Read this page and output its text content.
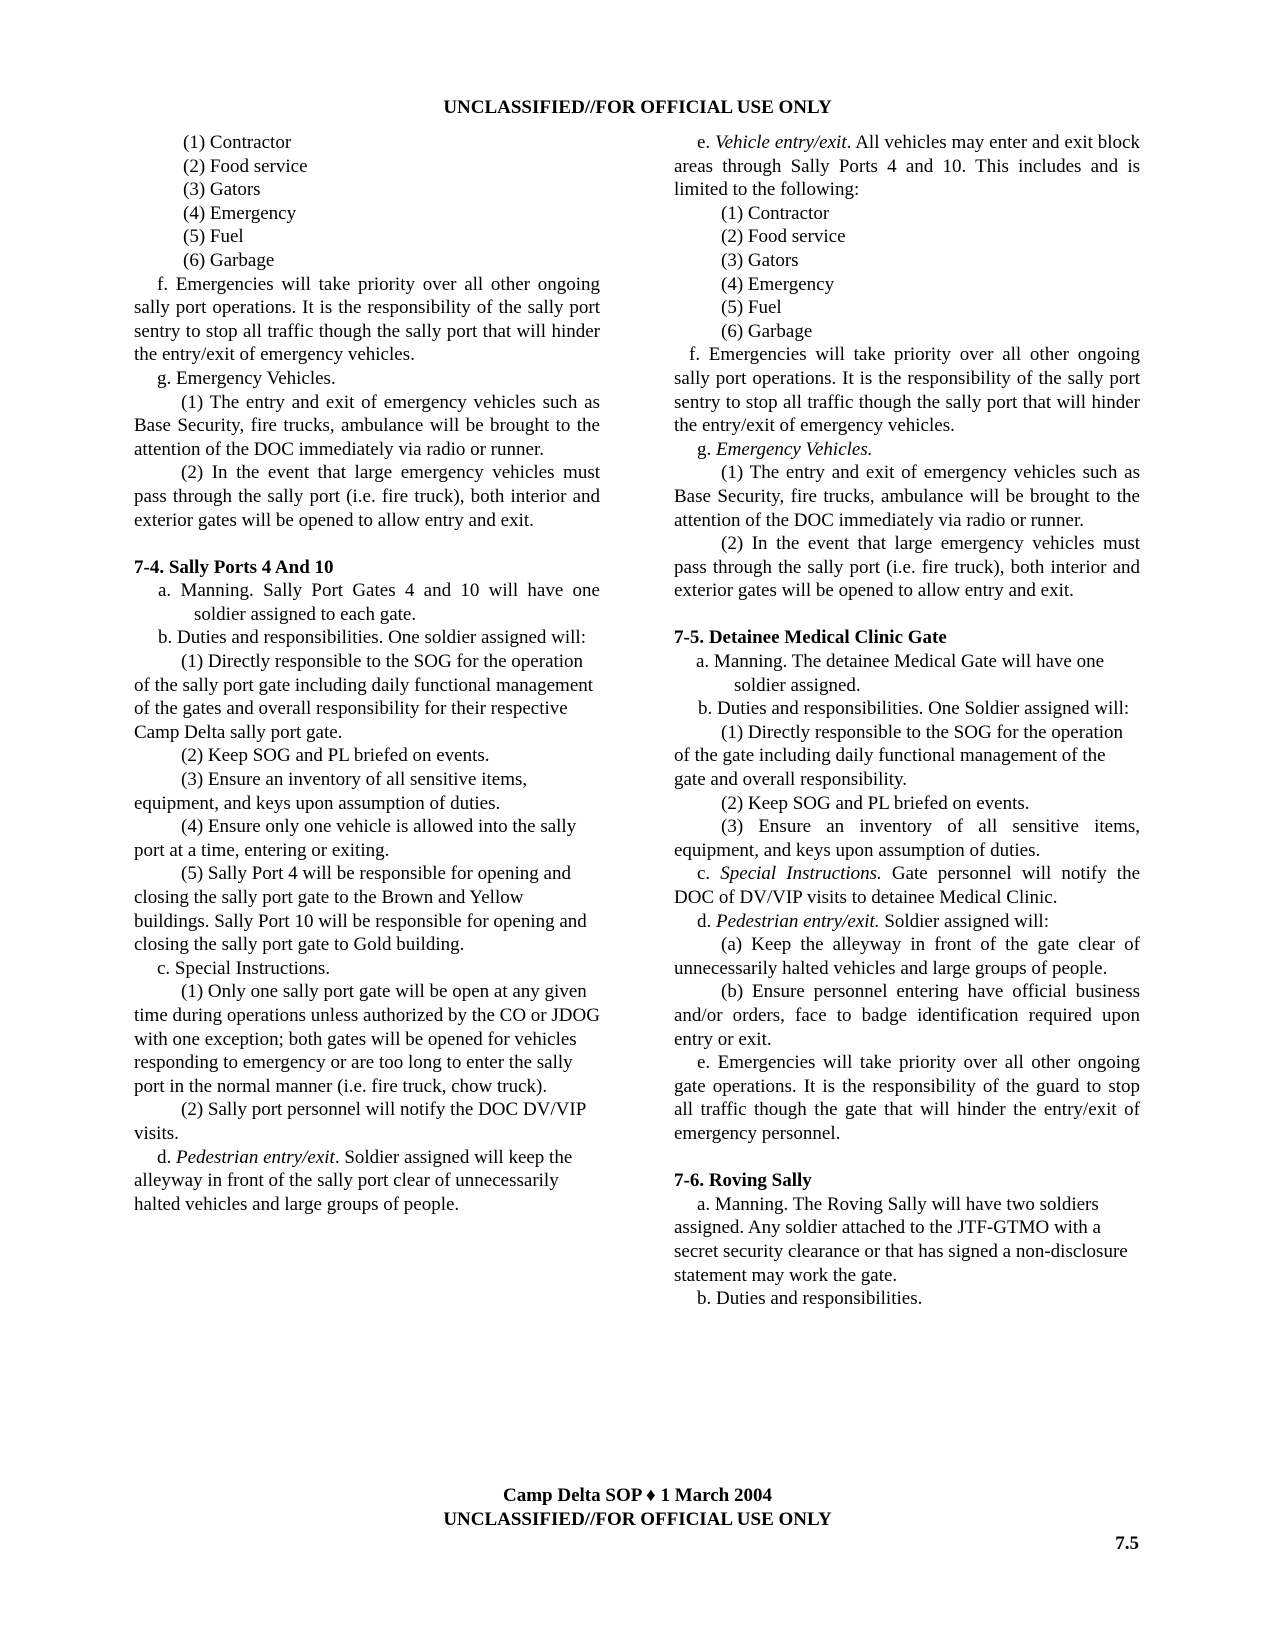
UNCLASSIFIED//FOR OFFICIAL USE ONLY

(1) Contractor

(2) Food service

(3) Gators

(4) Emergency

(5) Fuel

(6) Garbage

f. Emergencies will take priority over all other ongoing sally port operations. It is the responsibility of the sally port sentry to stop all traffic though the sally port that will hinder the entry/exit of emergency vehicles.

g. Emergency Vehicles.

(1) The entry and exit of emergency vehicles such as Base Security, fire trucks, ambulance will be brought to the attention of the DOC immediately via radio or runner.

(2) In the event that large emergency vehicles must pass through the sally port (i.e. fire truck), both interior and exterior gates will be opened to allow entry and exit.

7-4. Sally Ports 4 And 10

a. Manning. Sally Port Gates 4 and 10 will have one soldier assigned to each gate.

b. Duties and responsibilities. One soldier assigned will:

(1) Directly responsible to the SOG for the operation of the sally port gate including daily functional management of the gates and overall responsibility for their respective Camp Delta sally port gate.

(2) Keep SOG and PL briefed on events.

(3) Ensure an inventory of all sensitive items, equipment, and keys upon assumption of duties.

(4) Ensure only one vehicle is allowed into the sally port at a time, entering or exiting.

(5) Sally Port 4 will be responsible for opening and closing the sally port gate to the Brown and Yellow buildings. Sally Port 10 will be responsible for opening and closing the sally port gate to Gold building.

c. Special Instructions.

(1) Only one sally port gate will be open at any given time during operations unless authorized by the CO or JDOG with one exception; both gates will be opened for vehicles responding to emergency or are too long to enter the sally port in the normal manner (i.e. fire truck, chow truck).

(2) Sally port personnel will notify the DOC DV/VIP visits.

d. Pedestrian entry/exit. Soldier assigned will keep the alleyway in front of the sally port clear of unnecessarily halted vehicles and large groups of people.

e. Vehicle entry/exit. All vehicles may enter and exit block areas through Sally Ports 4 and 10. This includes and is limited to the following:

(1) Contractor

(2) Food service

(3) Gators

(4) Emergency

(5) Fuel

(6) Garbage

f. Emergencies will take priority over all other ongoing sally port operations. It is the responsibility of the sally port sentry to stop all traffic though the sally port that will hinder the entry/exit of emergency vehicles.

g. Emergency Vehicles.

(1) The entry and exit of emergency vehicles such as Base Security, fire trucks, ambulance will be brought to the attention of the DOC immediately via radio or runner.

(2) In the event that large emergency vehicles must pass through the sally port (i.e. fire truck), both interior and exterior gates will be opened to allow entry and exit.

7-5. Detainee Medical Clinic Gate

a. Manning. The detainee Medical Gate will have one soldier assigned.

b. Duties and responsibilities. One Soldier assigned will:

(1) Directly responsible to the SOG for the operation of the gate including daily functional management of the gate and overall responsibility.

(2) Keep SOG and PL briefed on events.

(3) Ensure an inventory of all sensitive items, equipment, and keys upon assumption of duties.

c. Special Instructions. Gate personnel will notify the DOC of DV/VIP visits to detainee Medical Clinic.

d. Pedestrian entry/exit. Soldier assigned will:

(a) Keep the alleyway in front of the gate clear of unnecessarily halted vehicles and large groups of people.

(b) Ensure personnel entering have official business and/or orders, face to badge identification required upon entry or exit.

e. Emergencies will take priority over all other ongoing gate operations. It is the responsibility of the guard to stop all traffic though the gate that will hinder the entry/exit of emergency personnel.

7-6. Roving Sally

a. Manning. The Roving Sally will have two soldiers assigned. Any soldier attached to the JTF-GTMO with a secret security clearance or that has signed a non-disclosure statement may work the gate.

b. Duties and responsibilities.

Camp Delta SOP ♦ 1 March 2004

UNCLASSIFIED//FOR OFFICIAL USE ONLY

7.5
